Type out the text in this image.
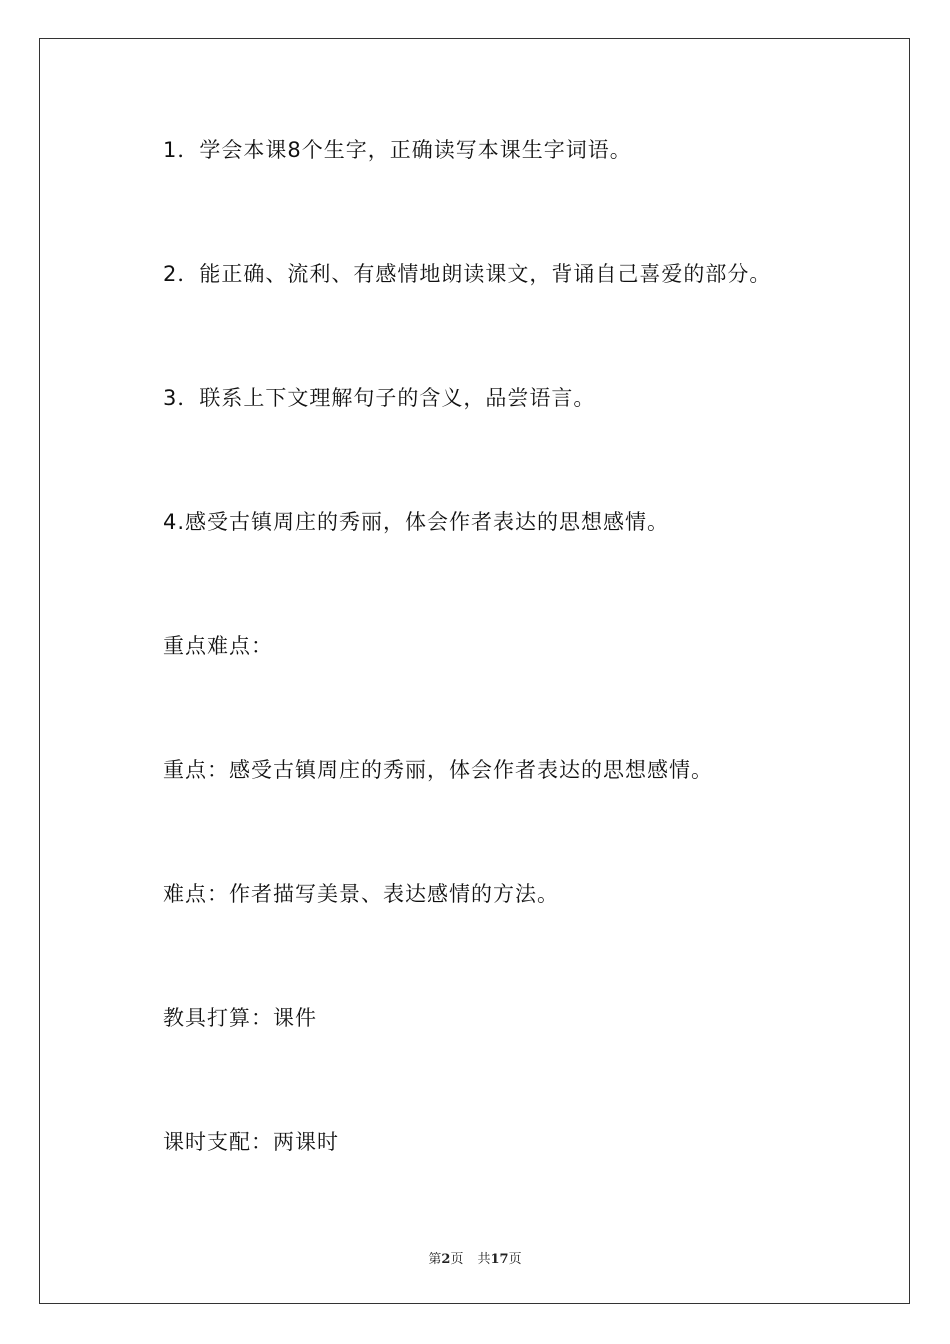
1．学会本课8个生字，正确读写本课生字词语。
2．能正确、流利、有感情地朗读课文，背诵自己喜爱的部分。
3．联系上下文理解句子的含义，品尝语言。
4.感受古镇周庄的秀丽，体会作者表达的思想感情。
重点难点：
重点：感受古镇周庄的秀丽，体会作者表达的思想感情。
难点：作者描写美景、表达感情的方法。
教具打算：课件
课时支配：两课时
第2页 共17页
